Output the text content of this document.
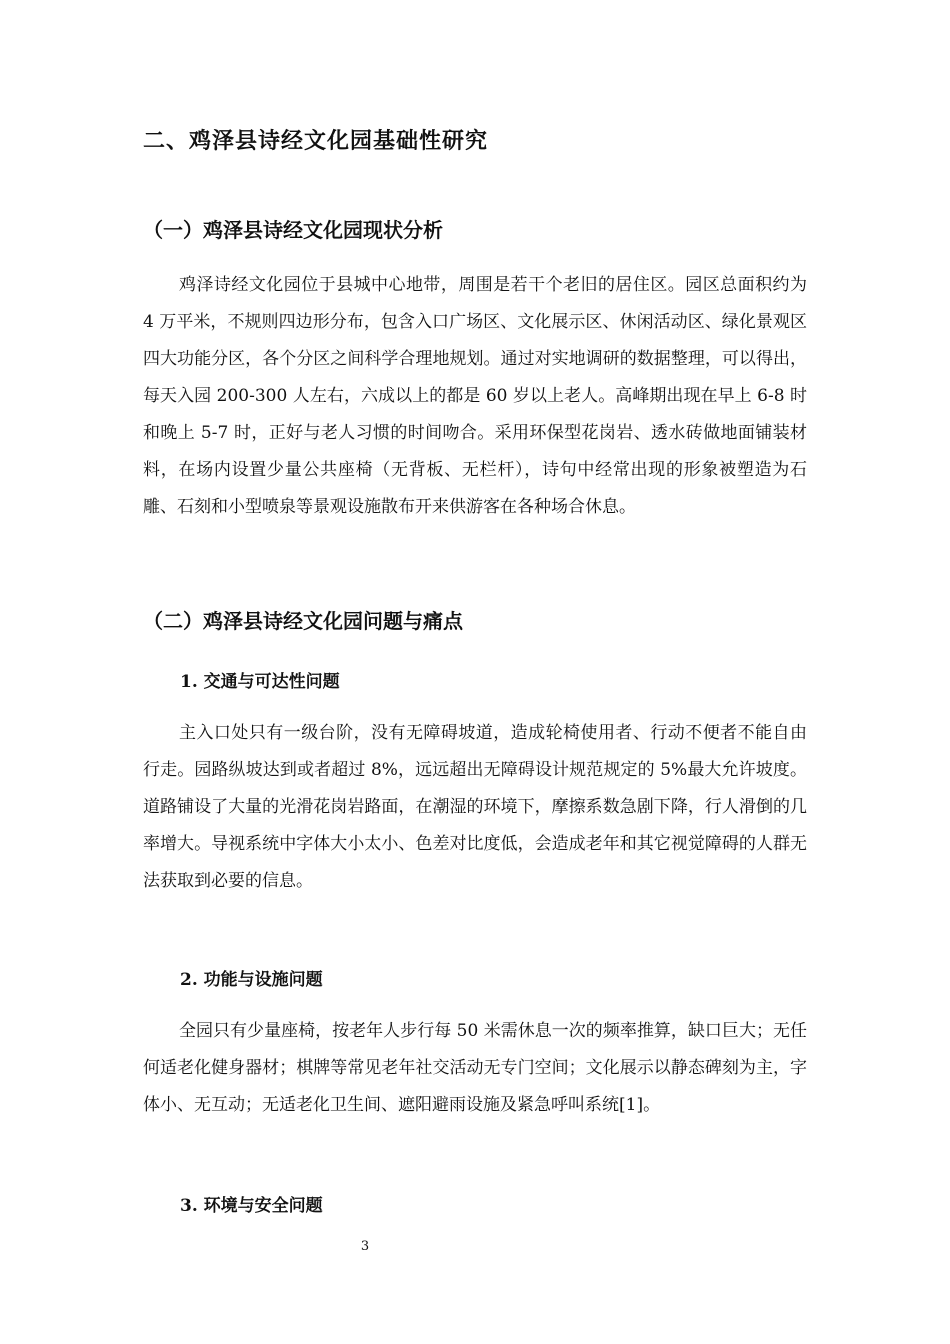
二、鸡泽县诗经文化园基础性研究
（一）鸡泽县诗经文化园现状分析

鸡泽诗经文化园位于县城中心地带，周围是若干个老旧的居住区。园区总面积约为 4 万平米，不规则四边形分布，包含入口广场区、文化展示区、休闲活动区、绿化景观区四大功能分区，各个分区之间科学合理地规划。通过对实地调研的数据整理，可以得出，每天入园 200-300 人左右，六成以上的都是 60 岁以上老人。高峰期出现在早上 6-8 时和晚上 5-7 时，正好与老人习惯的时间吻合。采用环保型花岗岩、透水砖做地面铺装材料，在场内设置少量公共座椅（无背板、无栏杆），诗句中经常出现的形象被塑造为石雕、石刻和小型喷泉等景观设施散布开来供游客在各种场合休息。

（二）鸡泽县诗经文化园问题与痛点
1. 交通与可达性问题

主入口处只有一级台阶，没有无障碍坡道，造成轮椅使用者、行动不便者不能自由行走。园路纵坡达到或者超过 8%，远远超出无障碍设计规范规定的 5%最大允许坡度。道路铺设了大量的光滑花岗岩路面，在潮湿的环境下，摩擦系数急剧下降，行人滑倒的几率增大。导视系统中字体大小太小、色差对比度低，会造成老年和其它视觉障碍的人群无法获取到必要的信息。

2. 功能与设施问题

全园只有少量座椅，按老年人步行每 50 米需休息一次的频率推算，缺口巨大；无任何适老化健身器材；棋牌等常见老年社交活动无专门空间；文化展示以静态碑刻为主，字体小、无互动；无适老化卫生间、遮阳避雨设施及紧急呼叫系统[1]。

3. 环境与安全问题
3
